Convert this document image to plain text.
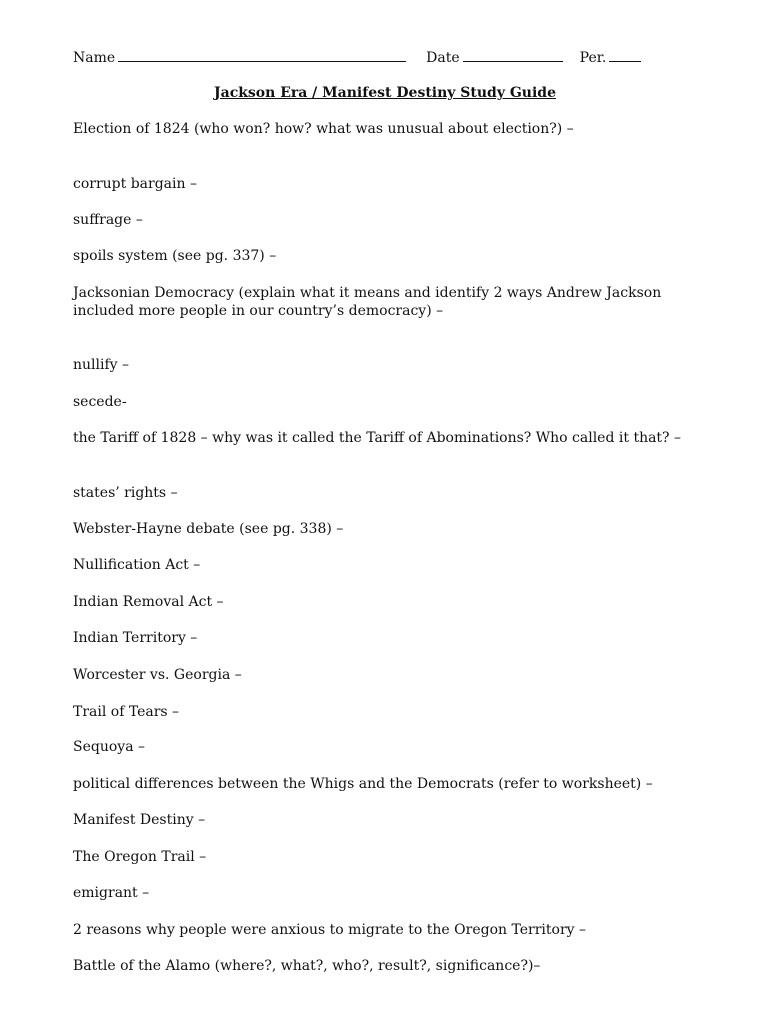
Name	Date	Per.
Jackson Era / Manifest Destiny Study Guide
Election of 1824 (who won? how? what was unusual about election?) –
corrupt bargain –
suffrage –
spoils system (see pg. 337) –
Jacksonian Democracy (explain what it means and identify 2 ways Andrew Jackson included more people in our country’s democracy) –
nullify –
secede-
the Tariff of 1828 – why was it called the Tariff of Abominations? Who called it that? –
states’ rights –
Webster-Hayne debate (see pg. 338) –
Nullification Act –
Indian Removal Act –
Indian Territory –
Worcester vs. Georgia –
Trail of Tears –
Sequoya –
political differences between the Whigs and the Democrats (refer to worksheet) –
Manifest Destiny –
The Oregon Trail –
emigrant –
2 reasons why people were anxious to migrate to the Oregon Territory –
Battle of the Alamo (where?, what?, who?, result?, significance?)–
